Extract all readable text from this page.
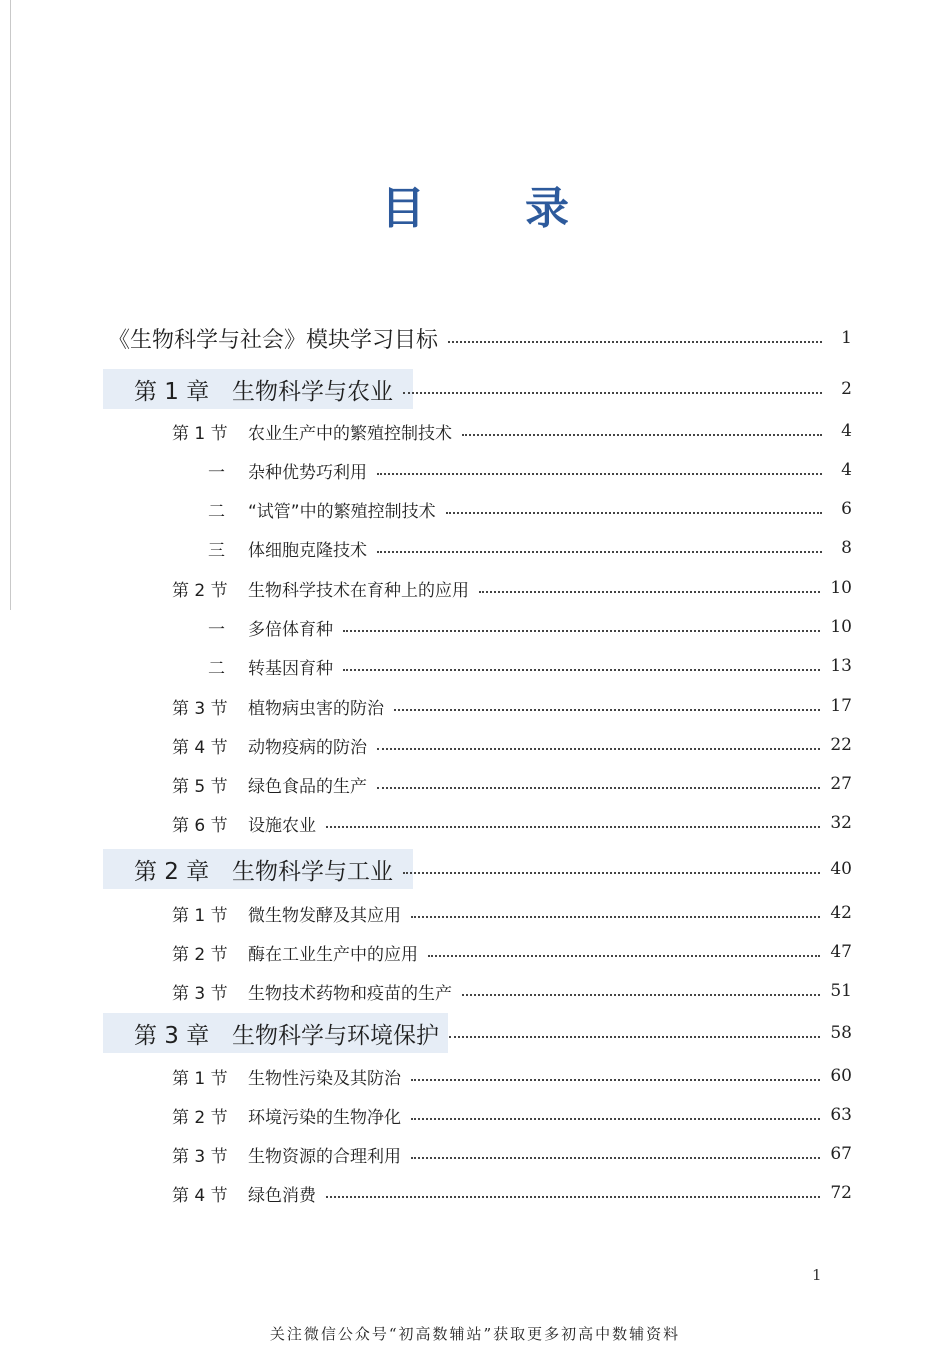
目 录
《生物科学与社会》模块学习目标	1
第 1 章 生物科学与农业	2
第 1 节	农业生产中的繁殖控制技术	4
一	杂种优势巧利用	4
二	“试管”中的繁殖控制技术	6
三	体细胞克隆技术	8
第 2 节	生物科学技术在育种上的应用	10
一	多倍体育种	10
二	转基因育种	13
第 3 节	植物病虫害的防治	17
第 4 节	动物疫病的防治	22
第 5 节	绿色食品的生产	27
第 6 节	设施农业	32
第 2 章 生物科学与工业	40
第 1 节	微生物发酵及其应用	42
第 2 节	酶在工业生产中的应用	47
第 3 节	生物技术药物和疫苗的生产	51
第 3 章 生物科学与环境保护	58
第 1 节	生物性污染及其防治	60
第 2 节	环境污染的生物净化	63
第 3 节	生物资源的合理利用	67
第 4 节	绿色消费	72
1
关注微信公众号“初高数辅站”获取更多初高中数辅资料
